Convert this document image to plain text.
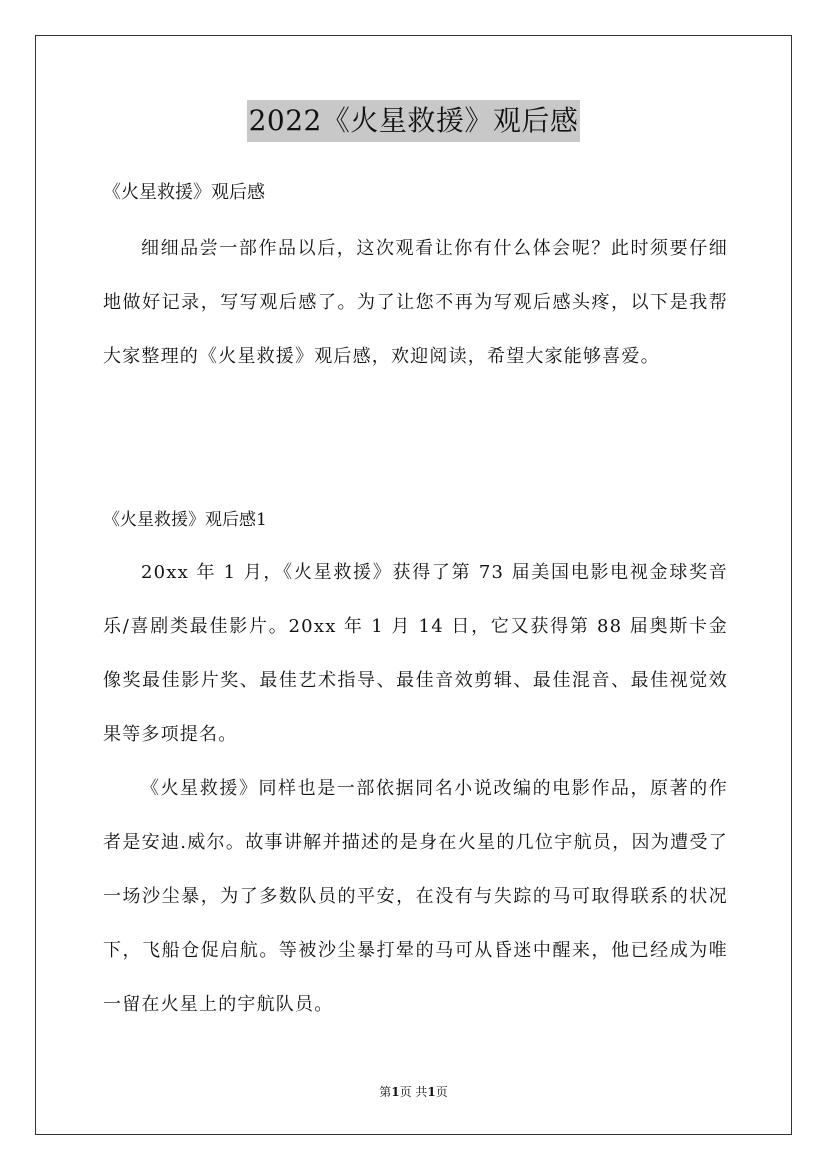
2022《火星救援》观后感
《火星救援》观后感

细细品尝一部作品以后，这次观看让你有什么体会呢？此时须要仔细地做好记录，写写观后感了。为了让您不再为写观后感头疼，以下是我帮大家整理的《火星救援》观后感，欢迎阅读，希望大家能够喜爱。

《火星救援》观后感1

20xx 年 1 月，《火星救援》获得了第 73 届美国电影电视金球奖音乐/喜剧类最佳影片。20xx 年 1 月 14 日，它又获得第 88 届奥斯卡金像奖最佳影片奖、最佳艺术指导、最佳音效剪辑、最佳混音、最佳视觉效果等多项提名。

《火星救援》同样也是一部依据同名小说改编的电影作品，原著的作者是安迪.威尔。故事讲解并描述的是身在火星的几位宇航员，因为遭受了一场沙尘暴，为了多数队员的平安，在没有与失踪的马可取得联系的状况下，飞船仓促启航。等被沙尘暴打晕的马可从昏迷中醒来，他已经成为唯一留在火星上的宇航队员。

第1页 共1页
